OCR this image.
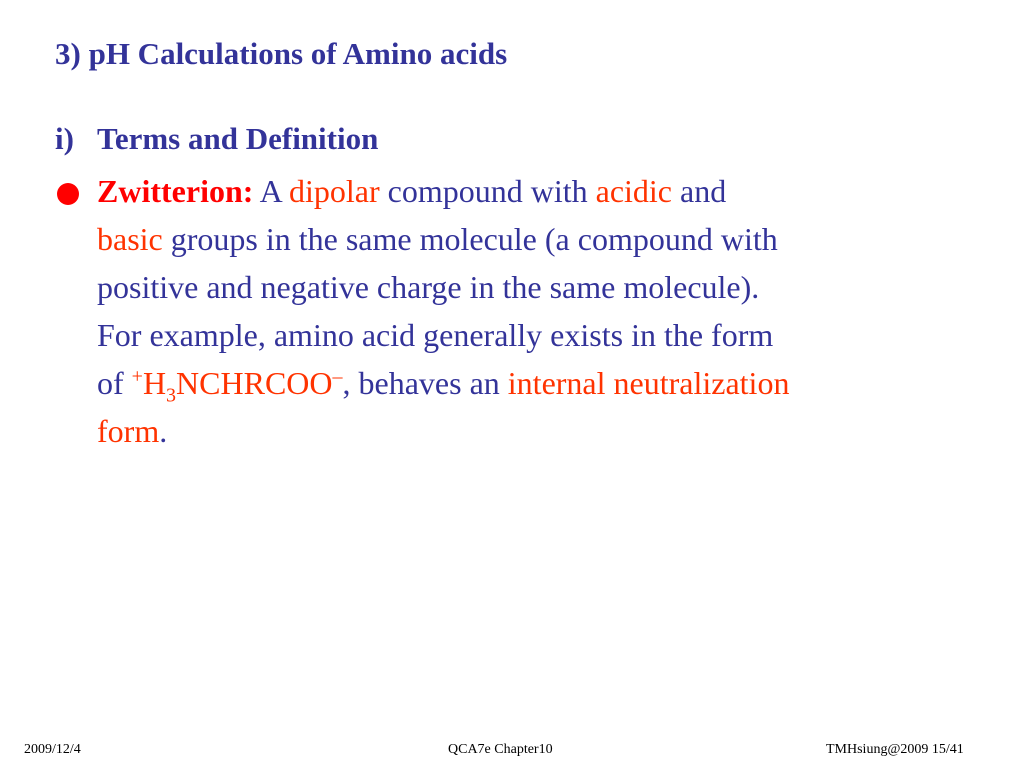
3) pH Calculations of Amino acids
i) Terms and Definition
Zwitterion: A dipolar compound with acidic and
basic groups in the same molecule (a compound with
positive and negative charge in the same molecule).
For example, amino acid generally exists in the form
of $^+H_3NCHRCOO^-$, behaves an internal neutralization
form.
2009/12/4	QCA7e Chapter10	TMHsiung@2009 15/41
